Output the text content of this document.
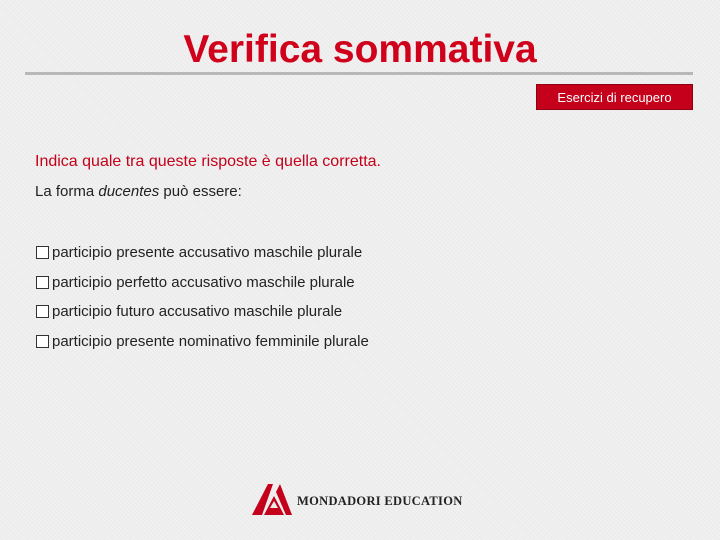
Verifica sommativa
Esercizi di recupero

Indica quale tra queste risposte è quella corretta.

La forma ducentes può essere:

participio presente accusativo maschile plurale
participio perfetto accusativo maschile plurale
participio futuro accusativo maschile plurale
participio presente nominativo femminile plurale
MONDADORI EDUCATION
